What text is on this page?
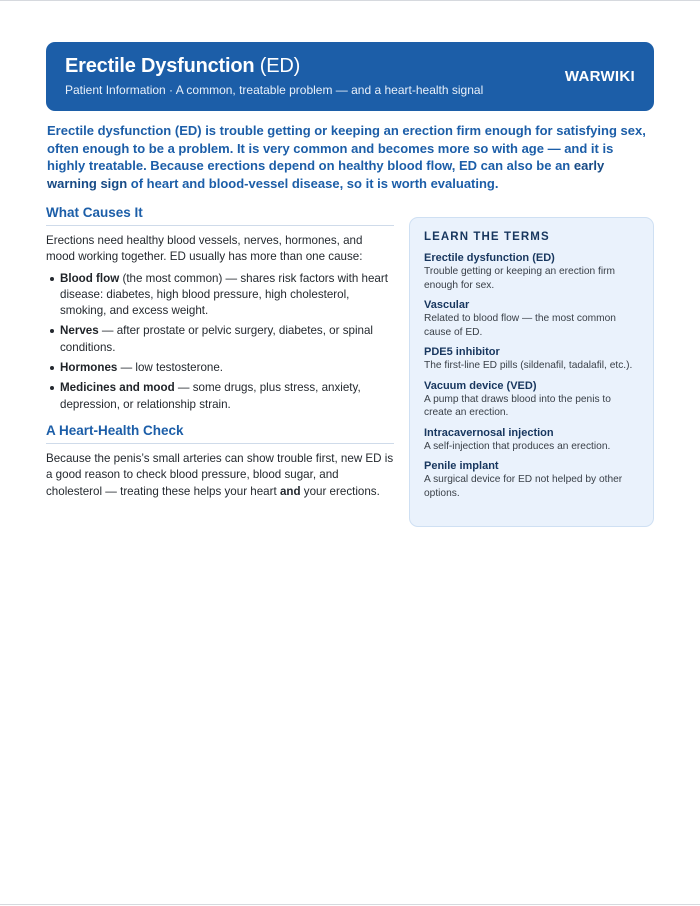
Erectile Dysfunction (ED)
Patient Information · A common, treatable problem — and a heart-health signal
WARWIKI

Erectile dysfunction (ED) is trouble getting or keeping an erection firm enough for satisfying sex, often enough to be a problem. It is very common and becomes more so with age — and it is highly treatable. Because erections depend on healthy blood flow, ED can also be an early warning sign of heart and blood-vessel disease, so it is worth evaluating.

What Causes It

Erections need healthy blood vessels, nerves, hormones, and mood working together. ED usually has more than one cause:

Blood flow (the most common) — shares risk factors with heart disease: diabetes, high blood pressure, high cholesterol, smoking, and excess weight.
Nerves — after prostate or pelvic surgery, diabetes, or spinal conditions.
Hormones — low testosterone.
Medicines and mood — some drugs, plus stress, anxiety, depression, or relationship strain.
A Heart-Health Check

Because the penis’s small arteries can show trouble first, new ED is a good reason to check blood pressure, blood sugar, and cholesterol — treating these helps your heart and your erections.

LEARN THE TERMS
Erectile dysfunction (ED)
Trouble getting or keeping an erection firm enough for sex.
Vascular
Related to blood flow — the most common cause of ED.
PDE5 inhibitor
The first-line ED pills (sildenafil, tadalafil, etc.).
Vacuum device (VED)
A pump that draws blood into the penis to create an erection.
Intracavernosal injection
A self-injection that produces an erection.
Penile implant
A surgical device for ED not helped by other options.
